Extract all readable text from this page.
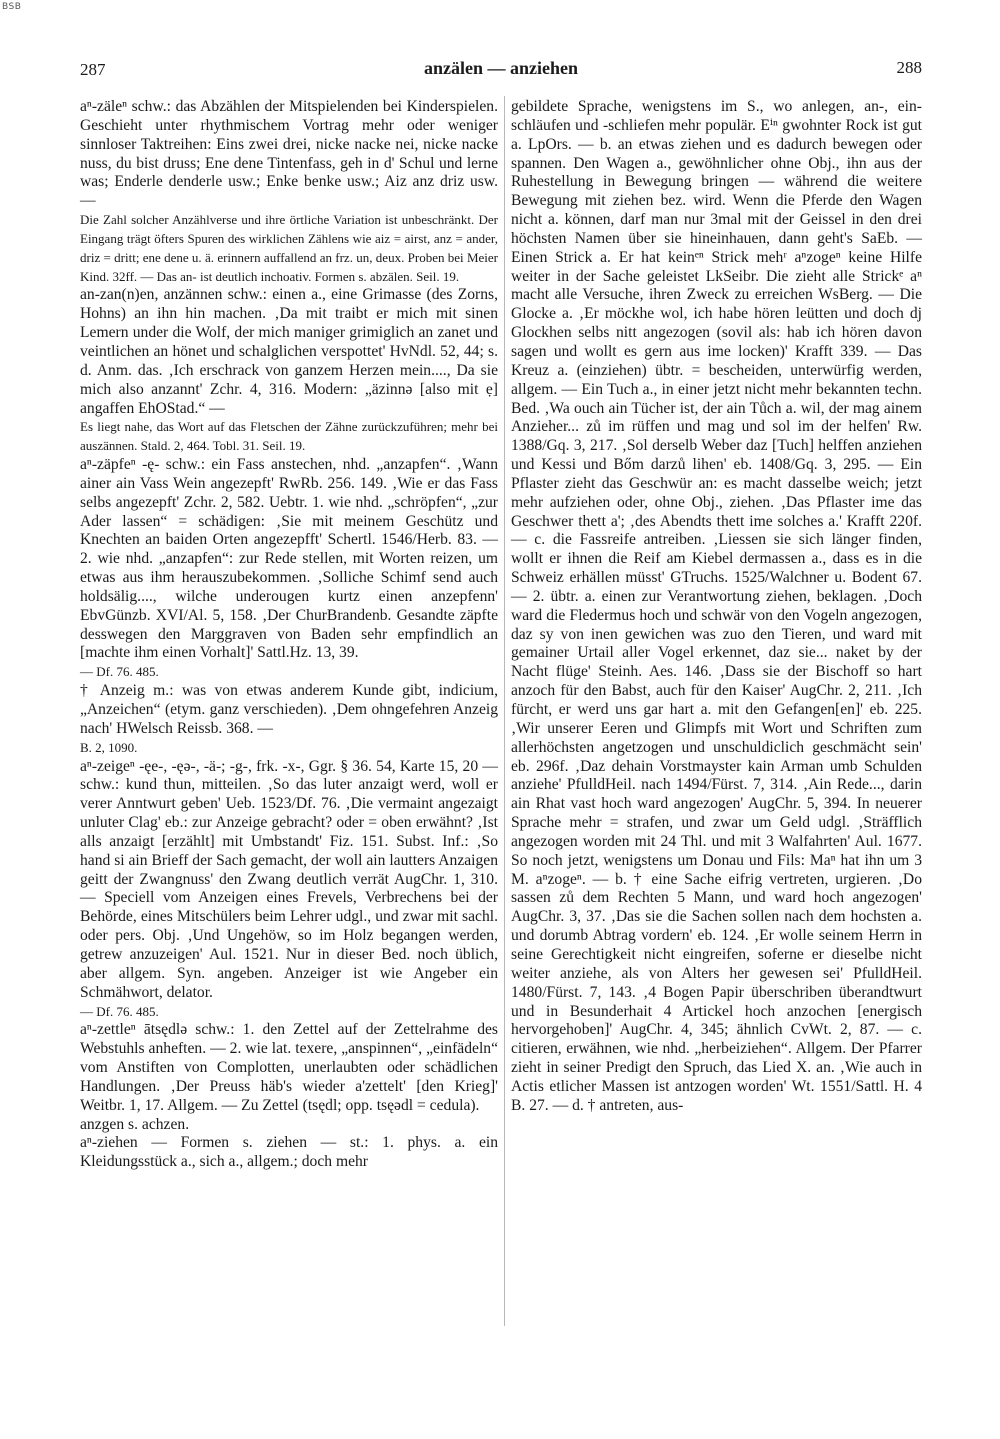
BSB
287	anzälen — anziehen	288

aⁿ-zäleⁿ schw.: das Abzählen der Mitspielenden bei Kinderspielen. Geschieht unter rhythmischem Vortrag mehr oder weniger sinnloser Taktreihen: Eins zwei drei, nicke nacke nei, nicke nacke nuss, du bist druss; Ene dene Tintenfass, geh in d' Schul und lerne was; Enderle denderle usw.; Enke benke usw.; Aiz anz driz usw. —

Die Zahl solcher Anzählverse und ihre örtliche Variation ist unbeschränkt. Der Eingang trägt öfters Spuren des wirklichen Zählens wie aiz = airst, anz = ander, driz = dritt; ene dene u. ä. erinnern auffallend an frz. un, deux. Proben bei Meier Kind. 32ff. — Das an- ist deutlich inchoativ. Formen s. abzälen. Seil. 19.

an-zan(n)en, anzännen schw.: einen a., eine Grimasse (des Zorns, Hohns) an ihn hin machen. ‚Da mit traibt er mich mit sinen Lemern under die Wolf, der mich maniger grimiglich an zanet und veintlichen an hönet und schalglichen verspottet' HvNdl. 52, 44; s. d. Anm. das. ‚Ich erschrack von ganzem Herzen mein...., Da sie mich also anzannt' Zchr. 4, 316. Modern: „äzinnə [also mit ẹ] angaffen EhOStad.“ —

Es liegt nahe, das Wort auf das Fletschen der Zähne zurückzuführen; mehr bei auszännen. Stald. 2, 464. Tobl. 31. Seil. 19.

aⁿ-zäpfeⁿ -ę- schw.: ein Fass anstechen, nhd. „anzapfen“. ‚Wann ainer ain Vass Wein angezepft' RwRb. 256. 149. ‚Wie er das Fass selbs angezepft' Zchr. 2, 582. Uebtr. 1. wie nhd. „schröpfen“, „zur Ader lassen“ = schädigen: ‚Sie mit meinem Geschütz und Knechten an baiden Orten angezepfft' Schertl. 1546/Herb. 83. — 2. wie nhd. „anzapfen“: zur Rede stellen, mit Worten reizen, um etwas aus ihm herauszubekommen. ‚Solliche Schimf send auch holdsälig...., wilche underougen kurtz einen anzepfenn' EbvGünzb. XVI/Al. 5, 158. ‚Der ChurBrandenb. Gesandte zäpfte desswegen den Marggraven von Baden sehr empfindlich an [machte ihm einen Vorhalt]' Sattl.Hz. 13, 39.

— Df. 76. 485.

† Anzeig m.: was von etwas anderem Kunde gibt, indicium, „Anzeichen“ (etym. ganz verschieden). ‚Dem ohngefehren Anzeig nach' HWelsch Reissb. 368. —

B. 2, 1090.

aⁿ-zeigeⁿ -ęe-, -ęə-, -ä-; -g-, frk. -x-, Ggr. § 36. 54, Karte 15, 20 — schw.: kund thun, mitteilen. ‚So das luter anzaigt werd, woll er verer Anntwurt geben' Ueb. 1523/Df. 76. ‚Die vermaint angezaigt unluter Clag' eb.: zur Anzeige gebracht? oder = oben erwähnt? ‚Ist alls anzaigt [erzählt] mit Umbstandt' Fiz. 151. Subst. Inf.: ‚So hand si ain Brieff der Sach gemacht, der woll ain lautters Anzaigen geitt der Zwangnuss' den Zwang deutlich verrät AugChr. 1, 310. — Speciell vom Anzeigen eines Frevels, Verbrechens bei der Behörde, eines Mitschülers beim Lehrer udgl., und zwar mit sachl. oder pers. Obj. ‚Und Ungehöw, so im Holz begangen werden, getrew anzuzeigen' Aul. 1521. Nur in dieser Bed. noch üblich, aber allgem. Syn. angeben. Anzeiger ist wie Angeber ein Schmähwort, delator.

— Df. 76. 485.

aⁿ-zettleⁿ ātsędlə schw.: 1. den Zettel auf der Zettelrahme des Webstuhls anheften. — 2. wie lat. texere, „anspinnen“, „einfädeln“ vom Anstiften von Complotten, unerlaubten oder schädlichen Handlungen. ‚Der Preuss häb's wieder a'zettelt' [den Krieg]' Weitbr. 1, 17. Allgem. — Zu Zettel (tsędl; opp. tsęədl = cedula).

anzgen s. achzen.

aⁿ-ziehen — Formen s. ziehen — st.: 1. phys. a. ein Kleidungsstück a., sich a., allgem.; doch mehr

gebildete Sprache, wenigstens im S., wo anlegen, an-, ein-schläufen und -schliefen mehr populär. Eⁱⁿ gwohnter Rock ist gut a. LpOrs. — b. an etwas ziehen und es dadurch bewegen oder spannen. Den Wagen a., gewöhnlicher ohne Obj., ihn aus der Ruhestellung in Bewegung bringen — während die weitere Bewegung mit ziehen bez. wird. Wenn die Pferde den Wagen nicht a. können, darf man nur 3mal mit der Geissel in den drei höchsten Namen über sie hineinhauen, dann geht's SaEb. — Einen Strick a. Er hat keinᵉⁿ Strick mehʳ aⁿzogeⁿ keine Hilfe weiter in der Sache geleistet LkSeibr. Die zieht alle Strickᵉ aⁿ macht alle Versuche, ihren Zweck zu erreichen WsBerg. — Die Glocke a. ‚Er möckhe wol, ich habe hören leütten und doch dj Glockhen selbs nitt angezogen (sovil als: hab ich hören davon sagen und wollt es gern aus ime locken)' Krafft 339. — Das Kreuz a. (einziehen) übtr. = bescheiden, unterwürfig werden, allgem. — Ein Tuch a., in einer jetzt nicht mehr bekannten techn. Bed. ‚Wa ouch ain Tücher ist, der ain Tůch a. wil, der mag ainem Anzieher... zů im rüffen und mag und sol im der helfen' Rw. 1388/Gq. 3, 217. ‚Sol derselb Weber daz [Tuch] helffen anziehen und Kessi und Bőm darzů lihen' eb. 1408/Gq. 3, 295. — Ein Pflaster zieht das Geschwür an: es macht dasselbe weich; jetzt mehr aufziehen oder, ohne Obj., ziehen. ‚Das Pflaster ime das Geschwer thett a'; ‚des Abendts thett ime solches a.' Krafft 220f. — c. die Fassreife antreiben. ‚Liessen sie sich länger finden, wollt er ihnen die Reif am Kiebel dermassen a., dass es in die Schweiz erhällen müsst' GTruchs. 1525/Walchner u. Bodent 67. — 2. übtr. a. einen zur Verantwortung ziehen, beklagen. ‚Doch ward die Fledermus hoch und schwär von den Vogeln angezogen, daz sy von inen gewichen was zuo den Tieren, und ward mit gemainer Urtail aller Vogel erkennet, daz sie... naket by der Nacht flüge' Steinh. Aes. 146. ‚Dass sie der Bischoff so hart anzoch für den Babst, auch für den Kaiser' AugChr. 2, 211. ‚Ich fürcht, er werd uns gar hart a. mit den Gefangen[en]' eb. 225. ‚Wir unserer Eeren und Glimpfs mit Wort und Schriften zum allerhöchsten angetzogen und unschuldiclich geschmächt sein' eb. 296f. ‚Daz dehain Vorstmayster kain Arman umb Schulden anziehe' PfulldHeil. nach 1494/Fürst. 7, 314. ‚Ain Rede..., darin ain Rhat vast hoch ward angezogen' AugChr. 5, 394. In neuerer Sprache mehr = strafen, und zwar um Geld udgl. ‚Sträfflich angezogen worden mit 24 Thl. und mit 3 Walfahrten' Aul. 1677. So noch jetzt, wenigstens um Donau und Fils: Maⁿ hat ihn um 3 M. aⁿzogeⁿ. — b. † eine Sache eifrig vertreten, urgieren. ‚Do sassen zů dem Rechten 5 Mann, und ward hoch angezogen' AugChr. 3, 37. ‚Das sie die Sachen sollen nach dem hochsten a. und dorumb Abtrag vordern' eb. 124. ‚Er wolle seinem Herrn in seine Gerechtigkeit nicht eingreifen, soferne er dieselbe nicht weiter anziehe, als von Alters her gewesen sei' PfulldHeil. 1480/Fürst. 7, 143. ‚4 Bogen Papir überschriben überandtwurt und in Besunderhait 4 Artickel hoch anzochen [energisch hervorgehoben]' AugChr. 4, 345; ähnlich CvWt. 2, 87. — c. citieren, erwähnen, wie nhd. „herbeiziehen“. Allgem. Der Pfarrer zieht in seiner Predigt den Spruch, das Lied X. an. ‚Wie auch in Actis etlicher Massen ist antzogen worden' Wt. 1551/Sattl. H. 4 B. 27. — d. † antreten, aus-
